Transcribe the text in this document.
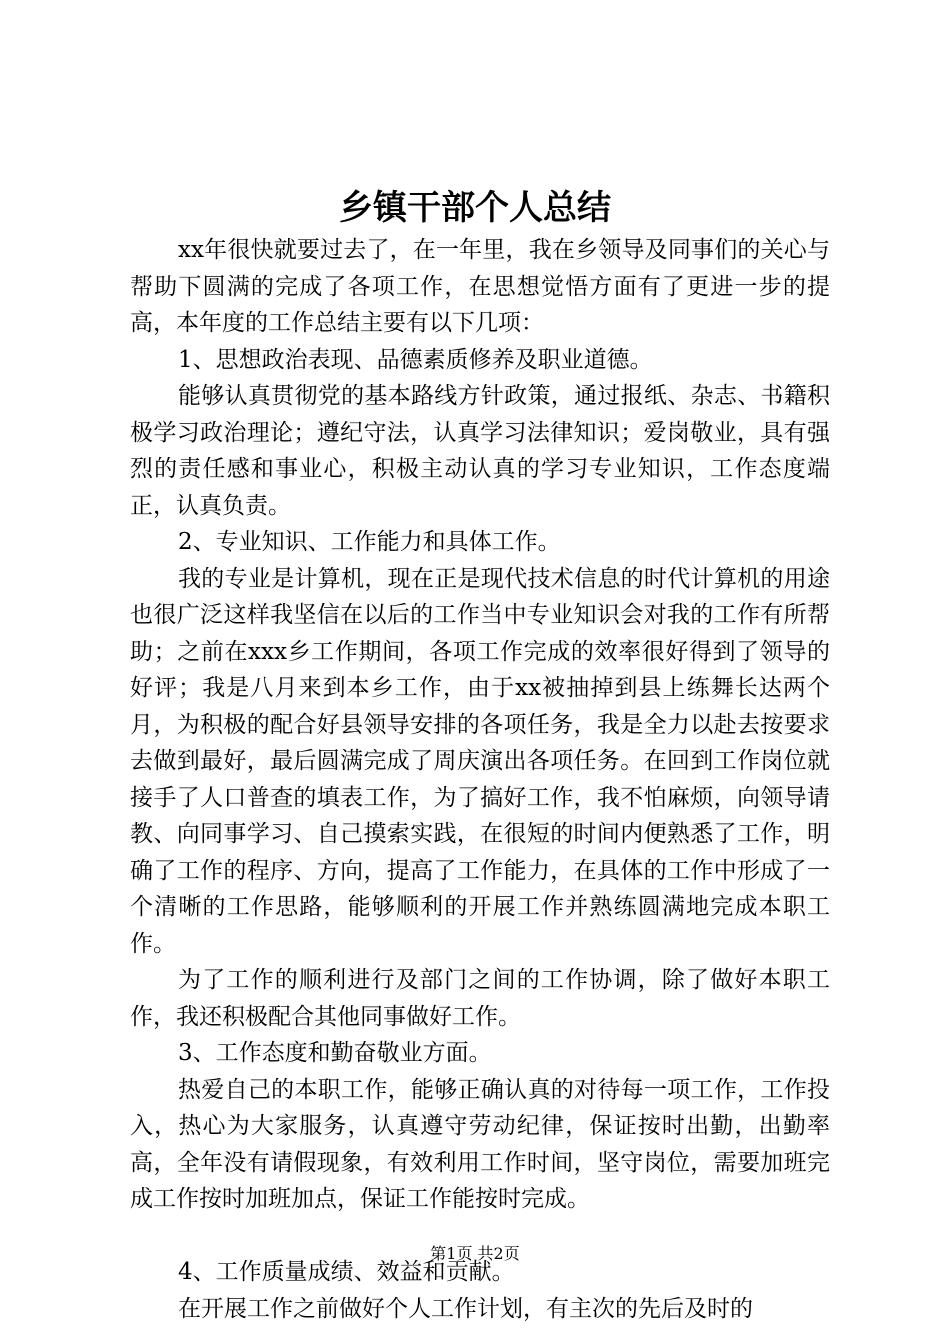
乡镇干部个人总结

xx年很快就要过去了，在一年里，我在乡领导及同事们的关心与帮助下圆满的完成了各项工作，在思想觉悟方面有了更进一步的提高，本年度的工作总结主要有以下几项：

1、思想政治表现、品德素质修养及职业道德。

能够认真贯彻党的基本路线方针政策，通过报纸、杂志、书籍积极学习政治理论；遵纪守法，认真学习法律知识；爱岗敬业，具有强烈的责任感和事业心，积极主动认真的学习专业知识，工作态度端正，认真负责。

2、专业知识、工作能力和具体工作。

我的专业是计算机，现在正是现代技术信息的时代计算机的用途也很广泛这样我坚信在以后的工作当中专业知识会对我的工作有所帮助；之前在xxx乡工作期间，各项工作完成的效率很好得到了领导的好评；我是八月来到本乡工作，由于xx被抽掉到县上练舞长达两个月，为积极的配合好县领导安排的各项任务，我是全力以赴去按要求去做到最好，最后圆满完成了周庆演出各项任务。在回到工作岗位就接手了人口普查的填表工作，为了搞好工作，我不怕麻烦，向领导请教、向同事学习、自己摸索实践，在很短的时间内便熟悉了工作，明确了工作的程序、方向，提高了工作能力，在具体的工作中形成了一个清晰的工作思路，能够顺利的开展工作并熟练圆满地完成本职工作。

为了工作的顺利进行及部门之间的工作协调，除了做好本职工作，我还积极配合其他同事做好工作。

3、工作态度和勤奋敬业方面。

热爱自己的本职工作，能够正确认真的对待每一项工作，工作投入，热心为大家服务，认真遵守劳动纪律，保证按时出勤，出勤率高，全年没有请假现象，有效利用工作时间，坚守岗位，需要加班完成工作按时加班加点，保证工作能按时完成。

4、工作质量成绩、效益和贡献。

在开展工作之前做好个人工作计划，有主次的先后及时的

第1页 共2页
